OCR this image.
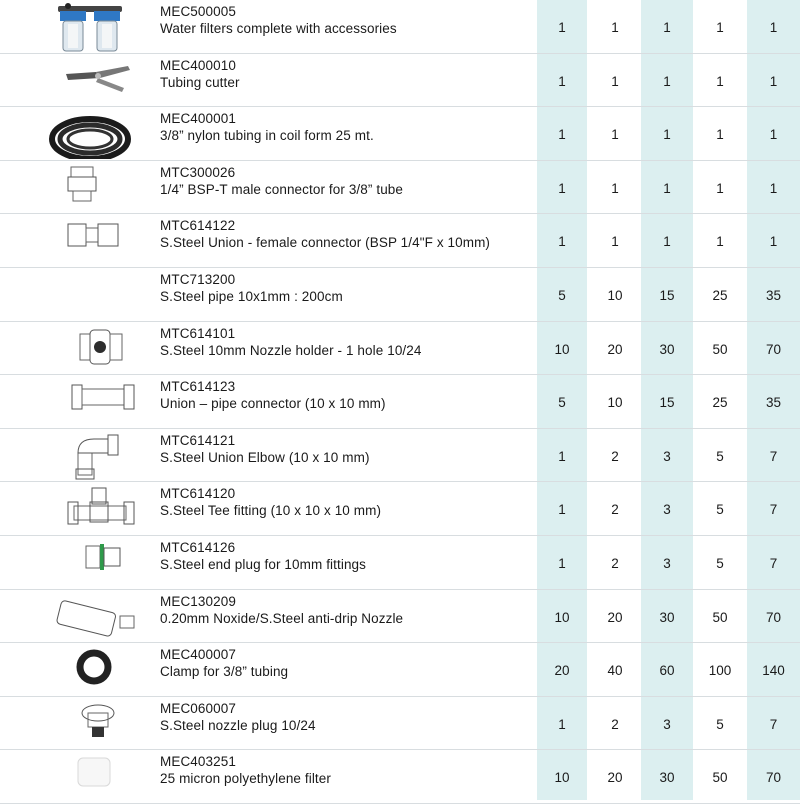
MEC500005
Water filters complete with accessories	1	1	1	1	1
MEC400010
Tubing cutter	1	1	1	1	1
MEC400001
3/8” nylon tubing in coil form 25 mt.	1	1	1	1	1
MTC300026
1/4” BSP-T male connector for 3/8” tube	1	1	1	1	1
MTC614122
S.Steel Union - female connector (BSP 1/4"F x 10mm)	1	1	1	1	1
MTC713200
S.Steel pipe 10x1mm : 200cm	5	10	15	25	35
MTC614101
S.Steel 10mm Nozzle holder - 1 hole 10/24	10	20	30	50	70
MTC614123
Union – pipe connector (10 x 10 mm)	5	10	15	25	35
MTC614121
S.Steel Union Elbow (10 x 10 mm)	1	2	3	5	7
MTC614120
S.Steel Tee fitting (10 x 10 x 10 mm)	1	2	3	5	7
MTC614126
S.Steel end plug for 10mm fittings	1	2	3	5	7
MEC130209
0.20mm Noxide/S.Steel anti-drip Nozzle	10	20	30	50	70
MEC400007
Clamp for 3/8” tubing	20	40	60	100	140
MEC060007
S.Steel nozzle plug 10/24	1	2	3	5	7
MEC403251
25 micron polyethylene filter	10	20	30	50	70
